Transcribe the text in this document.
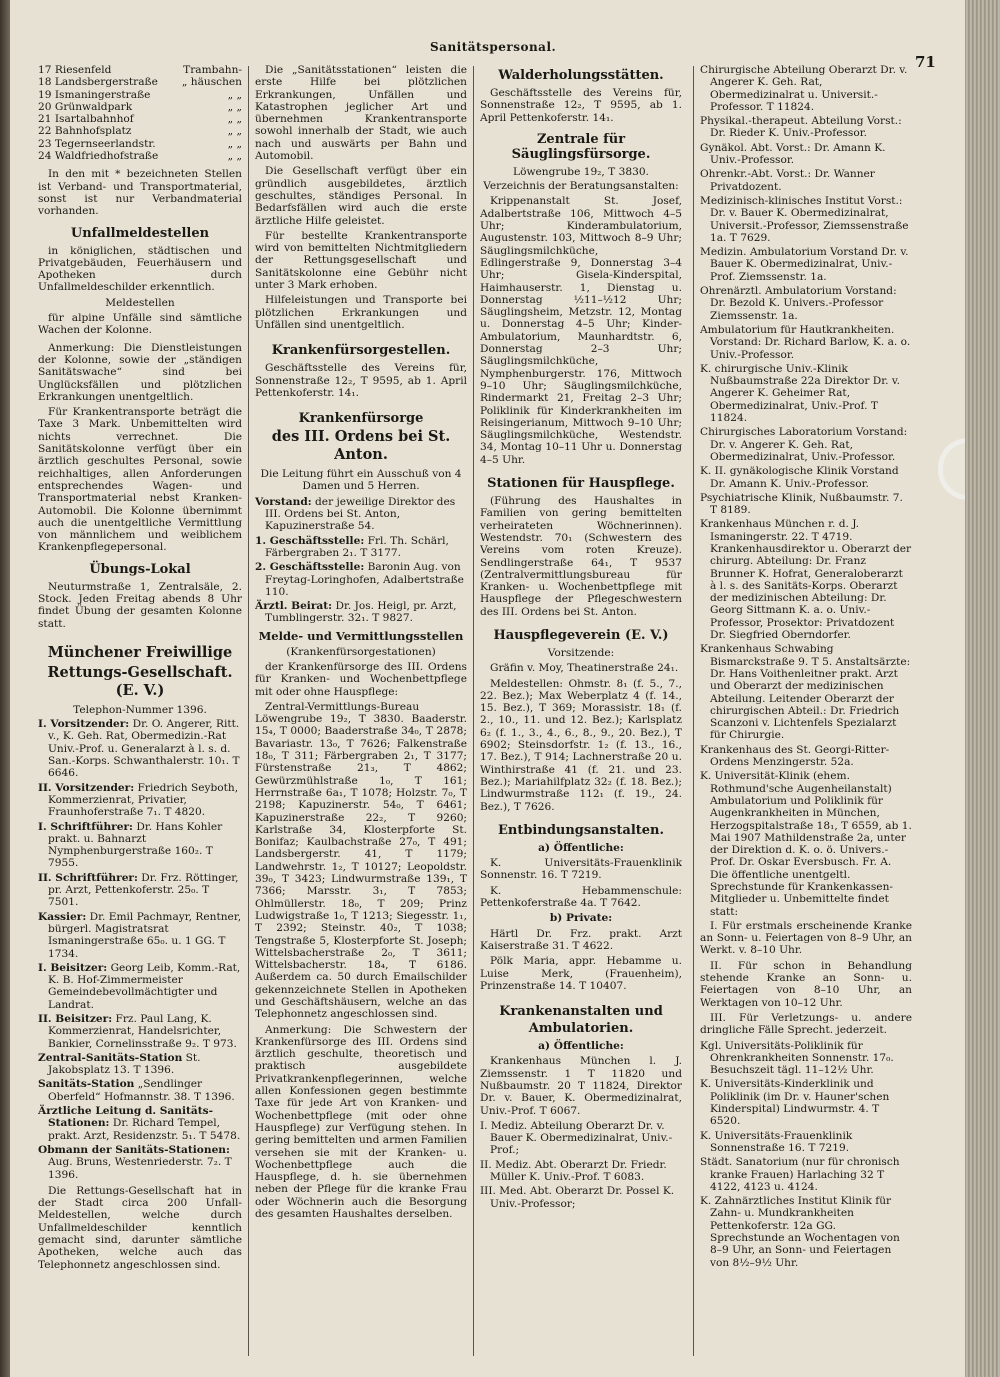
Sanitätspersonal.
71
17 Riesenfeld	Trambahn-
18 Landsbergerstraße „ häuschen
19 Ismaningerstraße	„ „
20 Grünwaldpark	„ „
21 Isartalbahnhof	„ „
22 Bahnhofsplatz	„ „
23 Tegernseerlandstr.	„ „
24 Waldfriedhofstraße	„ „

In den mit * bezeichneten Stellen ist Verband- und Transportmaterial, sonst ist nur Verbandmaterial vorhanden.

Unfallmeldestellen

in königlichen, städtischen und Privatgebäuden, Feuerhäusern und Apotheken durch Unfallmeldeschilder erkenntlich.

Meldestellen

für alpine Unfälle sind sämtliche Wachen der Kolonne.

Anmerkung: Die Dienstleistungen der Kolonne, sowie der „ständigen Sanitätswache“ sind bei Unglücksfällen und plötzlichen Erkrankungen unentgeltlich.

Für Krankentransporte beträgt die Taxe 3 Mark. Unbemittelten wird nichts verrechnet. Die Sanitätskolonne verfügt über ein ärztlich geschultes Personal, sowie reichhaltiges, allen Anforderungen entsprechendes Wagen- und Transportmaterial nebst Kranken-Automobil. Die Kolonne übernimmt auch die unentgeltliche Vermittlung von männlichem und weiblichem Krankenpflegepersonal.

Übungs-Lokal

Neuturmstraße 1, Zentralsäle, 2. Stock. Jeden Freitag abends 8 Uhr findet Übung der gesamten Kolonne statt.

Münchener Freiwillige
Rettungs-Gesellschaft. (E. V.)
Telephon-Nummer 1396.

I. Vorsitzender: Dr. O. Angerer, Ritt. v., K. Geh. Rat, Obermedizin.-Rat Univ.-Prof. u. Generalarzt à l. s. d. San.-Korps. Schwanthalerstr. 10₁. T 6646.

II. Vorsitzender: Friedrich Seyboth, Kommerzienrat, Privatier, Fraunhoferstraße 7₁. T 4820.

I. Schriftführer: Dr. Hans Kohler prakt. u. Bahnarzt Nymphenburgerstraße 160₂. T 7955.

II. Schriftführer: Dr. Frz. Röttinger, pr. Arzt, Pettenkoferstr. 25₀. T 7501.

Kassier: Dr. Emil Pachmayr, Rentner, bürgerl. Magistratsrat Ismaningerstraße 65₀. u. 1 GG. T 1734.

I. Beisitzer: Georg Leib, Komm.-Rat, K. B. Hof-Zimmermeister Gemeindebevollmächtigter und Landrat.

II. Beisitzer: Frz. Paul Lang, K. Kommerzienrat, Handelsrichter, Bankier, Cornelinsstraße 9₂. T 973.

Zentral-Sanitäts-Station St. Jakobsplatz 13. T 1396.

Sanitäts-Station „Sendlinger Oberfeld“ Hofmannstr. 38. T 1396.

Ärztliche Leitung d. Sanitäts-Stationen: Dr. Richard Tempel, prakt. Arzt, Residenzstr. 5₁. T 5478.

Obmann der Sanitäts-Stationen: Aug. Bruns, Westenriederstr. 7₂. T 1396.

Die Rettungs-Gesellschaft hat in der Stadt circa 200 Unfall-Meldestellen, welche durch Unfallmeldeschilder kenntlich gemacht sind, darunter sämtliche Apotheken, welche auch das Telephonnetz angeschlossen sind.

Die „Sanitätsstationen“ leisten die erste Hilfe bei plötzlichen Erkrankungen, Unfällen und Katastrophen jeglicher Art und übernehmen Krankentransporte sowohl innerhalb der Stadt, wie auch nach und auswärts per Bahn und Automobil.

Die Gesellschaft verfügt über ein gründlich ausgebildetes, ärztlich geschultes, ständiges Personal. In Bedarfsfällen wird auch die erste ärztliche Hilfe geleistet.

Für bestellte Krankentransporte wird von bemittelten Nichtmitgliedern der Rettungsgesellschaft und Sanitätskolonne eine Gebühr nicht unter 3 Mark erhoben.

Hilfeleistungen und Transporte bei plötzlichen Erkrankungen und Unfällen sind unentgeltlich.

Krankenfürsorgestellen.

Geschäftsstelle des Vereins für, Sonnenstraße 12₂, T 9595, ab 1. April Pettenkoferstr. 14₁.

Krankenfürsorge
des III. Ordens bei St. Anton.

Die Leitung führt ein Ausschuß von 4 Damen und 5 Herren.

Vorstand: der jeweilige Direktor des III. Ordens bei St. Anton, Kapuzinerstraße 54.

1. Geschäftsstelle: Frl. Th. Schärl, Färbergraben 2₁. T 3177.

2. Geschäftsstelle: Baronin Aug. von Freytag-Loringhofen, Adalbertstraße 110.

Ärztl. Beirat: Dr. Jos. Heigl, pr. Arzt, Tumblingerstr. 32₁. T 9827.

Melde- und Vermittlungsstellen
(Krankenfürsorgestationen)

der Krankenfürsorge des III. Ordens für Kranken- und Wochenbettpflege mit oder ohne Hauspflege:

Zentral-Vermittlungs-Bureau Löwengrube 19₂, T 3830. Baaderstr. 15₄, T 0000; Baaderstraße 34₀, T 2878; Bavariastr. 13₀, T 7626; Falkenstraße 18₀, T 311; Färbergraben 2₁, T 3177; Fürstenstraße 21₃, T 4862; Gewürzmühlstraße 1₀, T 161; Herrnstraße 6a₁, T 1078; Holzstr. 7₀, T 2198; Kapuzinerstr. 54₀, T 6461; Kapuzinerstraße 22₂, T 9260; Karlstraße 34, Klosterpforte St. Bonifaz; Kaulbachstraße 27₀, T 491; Landsbergerstr. 41, T 1179; Landwehrstr. 1₂, T 10127; Leopoldstr. 39₀, T 3423; Lindwurmstraße 139₁, T 7366; Marsstr. 3₁, T 7853; Ohlmüllerstr. 18₀, T 209; Prinz Ludwigstraße 1₀, T 1213; Siegesstr. 1₁, T 2392; Steinstr. 40₂, T 1038; Tengstraße 5, Klosterpforte St. Joseph; Wittelsbacherstraße 2₀, T 3611; Wittelsbacherstr. 18₄, T 6186. Außerdem ca. 50 durch Emailschilder gekennzeichnete Stellen in Apotheken und Geschäftshäusern, welche an das Telephonnetz angeschlossen sind.

Anmerkung: Die Schwestern der Krankenfürsorge des III. Ordens sind ärztlich geschulte, theoretisch und praktisch ausgebildete Privatkrankenpflegerinnen, welche allen Konfessionen gegen bestimmte Taxe für jede Art von Kranken- und Wochenbettpflege (mit oder ohne Hauspflege) zur Verfügung stehen. In gering bemittelten und armen Familien versehen sie mit der Kranken- u. Wochenbettpflege auch die Hauspflege, d. h. sie übernehmen neben der Pflege für die kranke Frau oder Wöchnerin auch die Besorgung des gesamten Haushaltes derselben.

Walderholungsstätten.

Geschäftsstelle des Vereins für, Sonnenstraße 12₂, T 9595, ab 1. April Pettenkoferstr. 14₁.

Zentrale für Säuglingsfürsorge.
Löwengrube 19₂, T 3830.
Verzeichnis der Beratungsanstalten:

Krippenanstalt St. Josef, Adalbertstraße 106, Mittwoch 4–5 Uhr; Kinderambulatorium, Augustenstr. 103, Mittwoch 8–9 Uhr; Säuglingsmilchküche, Edlingerstraße 9, Donnerstag 3–4 Uhr; Gisela-Kinderspital, Haimhauserstr. 1, Dienstag u. Donnerstag ½11–½12 Uhr; Säuglingsheim, Metzstr. 12, Montag u. Donnerstag 4–5 Uhr; Kinder-Ambulatorium, Maunhardtstr. 6, Donnerstag 2–3 Uhr; Säuglingsmilchküche, Nymphenburgerstr. 176, Mittwoch 9–10 Uhr; Säuglingsmilchküche, Rindermarkt 21, Freitag 2–3 Uhr; Poliklinik für Kinderkrankheiten im Reisingerianum, Mittwoch 9–10 Uhr; Säuglingsmilchküche, Westendstr. 34, Montag 10–11 Uhr u. Donnerstag 4–5 Uhr.

Stationen für Hauspflege.

(Führung des Haushaltes in Familien von gering bemittelten verheirateten Wöchnerinnen). Westendstr. 70₁ (Schwestern des Vereins vom roten Kreuze). Sendlingerstraße 64₁, T 9537 (Zentralvermittlungsbureau für Kranken- u. Wochenbettpflege mit Hauspflege der Pflegeschwestern des III. Ordens bei St. Anton.

Hauspflegeverein (E. V.)
Vorsitzende:

Gräfin v. Moy, Theatinerstraße 24₁.

Meldestellen: Ohmstr. 8₁ (f. 5., 7., 22. Bez.); Max Weberplatz 4 (f. 14., 15. Bez.), T 369; Morassistr. 18₁ (f. 2., 10., 11. und 12. Bez.); Karlsplatz 6₂ (f. 1., 3., 4., 6., 8., 9., 20. Bez.), T 6902; Steinsdorfstr. 1₂ (f. 13., 16., 17. Bez.), T 914; Lachnerstraße 20 u. Winthirstraße 41 (f. 21. und 23. Bez.); Mariahilfplatz 32₂ (f. 18. Bez.); Lindwurmstraße 112₁ (f. 19., 24. Bez.), T 7626.

Entbindungsanstalten.
a) Öffentliche:

K. Universitäts-Frauenklinik Sonnenstr. 16. T 7219.

K. Hebammenschule: Pettenkoferstraße 4a. T 7642.

b) Private:

Härtl Dr. Frz. prakt. Arzt Kaiserstraße 31. T 4622.

Pölk Maria, appr. Hebamme u. Luise Merk, (Frauenheim), Prinzenstraße 14. T 10407.

Krankenanstalten und
Ambulatorien.
a) Öffentliche:

Krankenhaus München l. J. Ziemssenstr. 1 T 11820 und Nußbaumstr. 20 T 11824, Direktor Dr. v. Bauer, K. Obermedizinalrat, Univ.-Prof. T 6067.

I. Mediz. Abteilung Oberarzt Dr. v. Bauer K. Obermedizinalrat, Univ.-Prof.;

II. Mediz. Abt. Oberarzt Dr. Friedr. Müller K. Univ.-Prof. T 6083.

III. Med. Abt. Oberarzt Dr. Possel K. Univ.-Professor;

Chirurgische Abteilung Oberarzt Dr. v. Angerer K. Geh. Rat, Obermedizinalrat u. Universit.-Professor. T 11824.

Physikal.-therapeut. Abteilung Vorst.: Dr. Rieder K. Univ.-Professor.

Gynäkol. Abt. Vorst.: Dr. Amann K. Univ.-Professor.

Ohrenkr.-Abt. Vorst.: Dr. Wanner Privatdozent.

Medizinisch-klinisches Institut Vorst.: Dr. v. Bauer K. Obermedizinalrat, Universit.-Professor, Ziemssenstraße 1a. T 7629.

Medizin. Ambulatorium Vorstand Dr. v. Bauer K. Obermedizinalrat, Univ.-Prof. Ziemssenstr. 1a.

Ohrenärztl. Ambulatorium Vorstand: Dr. Bezold K. Univers.-Professor Ziemssenstr. 1a.

Ambulatorium für Hautkrankheiten. Vorstand: Dr. Richard Barlow, K. a. o. Univ.-Professor.

K. chirurgische Univ.-Klinik Nußbaumstraße 22a Direktor Dr. v. Angerer K. Geheimer Rat, Obermedizinalrat, Univ.-Prof. T 11824.

Chirurgisches Laboratorium Vorstand: Dr. v. Angerer K. Geh. Rat, Obermedizinalrat, Univ.-Professor.

K. II. gynäkologische Klinik Vorstand Dr. Amann K. Univ.-Professor.

Psychiatrische Klinik, Nußbaumstr. 7. T 8189.

Krankenhaus München r. d. J. Ismaningerstr. 22. T 4719. Krankenhausdirektor u. Oberarzt der chirurg. Abteilung: Dr. Franz Brunner K. Hofrat, Generaloberarzt à l. s. des Sanitäts-Korps. Oberarzt der medizinischen Abteilung: Dr. Georg Sittmann K. a. o. Univ.-Professor, Prosektor: Privatdozent Dr. Siegfried Oberndorfer.

Krankenhaus Schwabing Bismarckstraße 9. T 5. Anstaltsärzte: Dr. Hans Voithenleitner prakt. Arzt und Oberarzt der medizinischen Abteilung. Leitender Oberarzt der chirurgischen Abteil.: Dr. Friedrich Scanzoni v. Lichtenfels Spezialarzt für Chirurgie.

Krankenhaus des St. Georgi-Ritter-Ordens Menzingerstr. 52a.

K. Universität-Klinik (ehem. Rothmund'sche Augenheilanstalt) Ambulatorium und Poliklinik für Augenkrankheiten in München, Herzogspitalstraße 18₁, T 6559, ab 1. Mai 1907 Mathildenstraße 2a, unter der Direktion d. K. o. ö. Univers.-Prof. Dr. Oskar Eversbusch. Fr. A. Die öffentliche unentgeltl. Sprechstunde für Krankenkassen-Mitglieder u. Unbemittelte findet statt:

I. Für erstmals erscheinende Kranke an Sonn- u. Feiertagen von 8–9 Uhr, an Werkt. v. 8–10 Uhr.

II. Für schon in Behandlung stehende Kranke an Sonn- u. Feiertagen von 8–10 Uhr, an Werktagen von 10–12 Uhr.

III. Für Verletzungs- u. andere dringliche Fälle Sprecht. jederzeit.

Kgl. Universitäts-Poliklinik für Ohrenkrankheiten Sonnenstr. 17₀. Besuchszeit tägl. 11–12½ Uhr.

K. Universitäts-Kinderklinik und Poliklinik (im Dr. v. Hauner'schen Kinderspital) Lindwurmstr. 4. T 6520.

K. Universitäts-Frauenklinik Sonnenstraße 16. T 7219.

Städt. Sanatorium (nur für chronisch kranke Frauen) Harlaching 32 T 4122, 4123 u. 4124.

K. Zahnärztliches Institut Klinik für Zahn- u. Mundkrankheiten Pettenkoferstr. 12a GG. Sprechstunde an Wochentagen von 8–9 Uhr, an Sonn- und Feiertagen von 8½–9½ Uhr.
